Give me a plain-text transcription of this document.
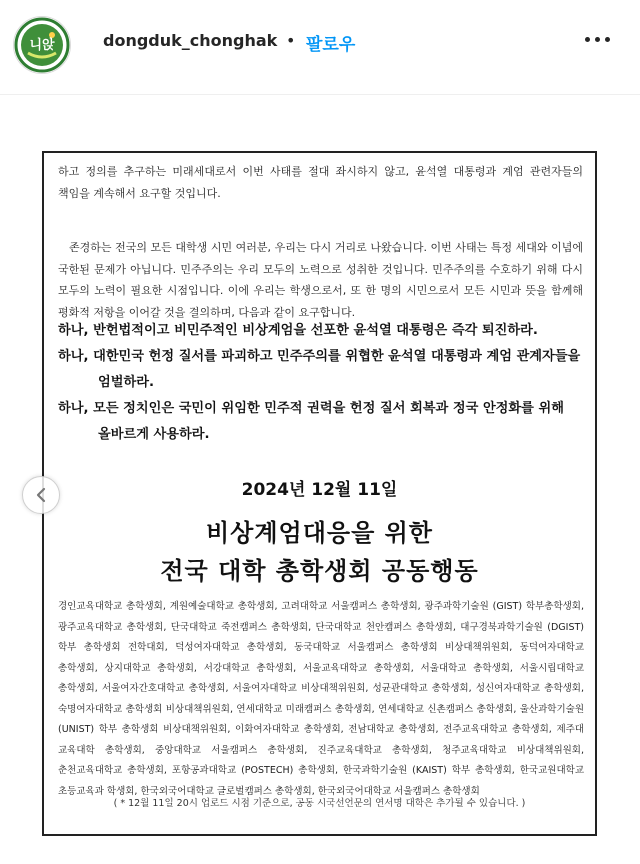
니앉	dongduk_chonghak • 팔로우
하고 정의를 추구하는 미래세대로서 이번 사태를 절대 좌시하지 않고, 윤석열 대통령과 계엄 관련자들의 책임을 계속해서 요구할 것입니다.
존경하는 전국의 모든 대학생 시민 여러분, 우리는 다시 거리로 나왔습니다. 이번 사태는 특정 세대와 이념에 국한된 문제가 아닙니다. 민주주의는 우리 모두의 노력으로 성취한 것입니다. 민주주의를 수호하기 위해 다시 모두의 노력이 필요한 시점입니다. 이에 우리는 학생으로서, 또 한 명의 시민으로서 모든 시민과 뜻을 함께해 평화적 저항을 이어갈 것을 결의하며, 다음과 같이 요구합니다.
하나, 반헌법적이고 비민주적인 비상계엄을 선포한 윤석열 대통령은 즉각 퇴진하라.
하나, 대한민국 헌정 질서를 파괴하고 민주주의를 위협한 윤석열 대통령과 계엄 관계자들을 엄벌하라.
하나, 모든 정치인은 국민이 위임한 민주적 권력을 헌정 질서 회복과 정국 안정화를 위해 올바르게 사용하라.
2024년 12월 11일
비상계엄대응을 위한
전국 대학 총학생회 공동행동
경인교육대학교 총학생회, 계원예술대학교 총학생회, 고려대학교 서울캠퍼스 총학생회, 광주과학기술원 (GIST) 학부총학생회, 광주교육대학교 총학생회, 단국대학교 죽전캠퍼스 총학생회, 단국대학교 천안캠퍼스 총학생회, 대구경북과학기술원 (DGIST) 학부 총학생회 전학대회, 덕성여자대학교 총학생회, 동국대학교 서울캠퍼스 총학생회 비상대책위원회, 동덕여자대학교 총학생회, 상지대학교 총학생회, 서강대학교 총학생회, 서울교육대학교 총학생회, 서울대학교 총학생회, 서울시립대학교 총학생회, 서울여자간호대학교 총학생회, 서울여자대학교 비상대책위원회, 성균관대학교 총학생회, 성신여자대학교 총학생회, 숙명여자대학교 총학생회 비상대책위원회, 연세대학교 미래캠퍼스 총학생회, 연세대학교 신촌캠퍼스 총학생회, 울산과학기술원 (UNIST) 학부 총학생회 비상대책위원회, 이화여자대학교 총학생회, 전남대학교 총학생회, 전주교육대학교 총학생회, 제주대 교육대학 총학생회, 중앙대학교 서울캠퍼스 총학생회, 진주교육대학교 총학생회, 청주교육대학교 비상대책위원회, 춘천교육대학교 총학생회, 포항공과대학교 (POSTECH) 총학생회, 한국과학기술원 (KAIST) 학부 총학생회, 한국교원대학교 초등교육과 학생회, 한국외국어대학교 글로벌캠퍼스 총학생회, 한국외국어대학교 서울캠퍼스 총학생회
( * 12월 11일 20시 업로드 시점 기준으로, 공동 시국선언문의 연서명 대학은 추가될 수 있습니다. )
